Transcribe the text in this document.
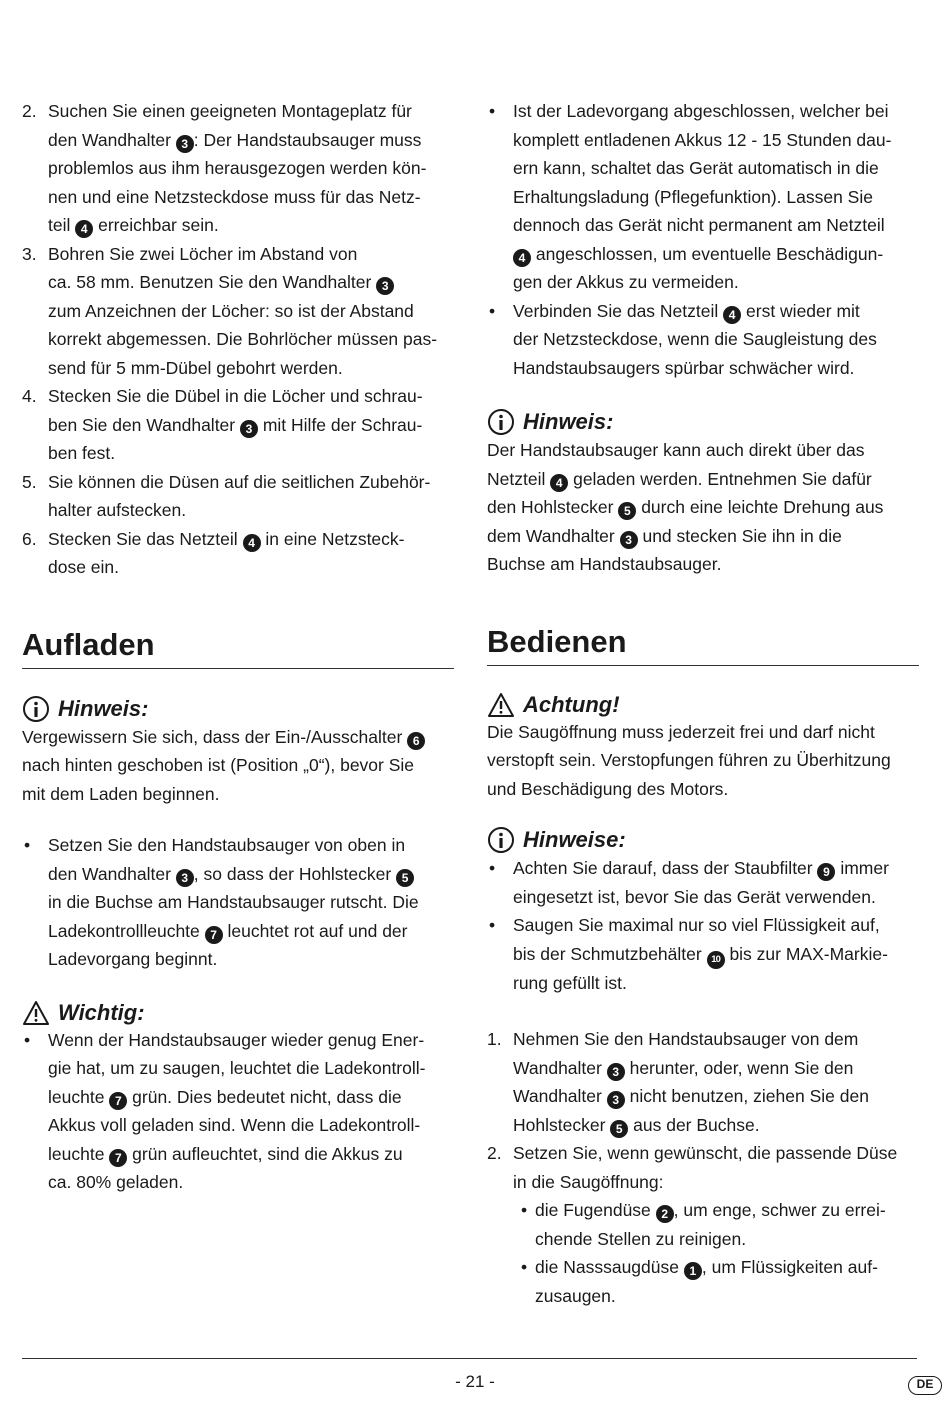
2. Suchen Sie einen geeigneten Montageplatz für
den Wandhalter 3 : Der Handstaubsauger muss
problemlos aus ihm herausgezogen werden kön-
nen und eine Netzsteckdose muss für das Netz-
teil 4 erreichbar sein.
3. Bohren Sie zwei Löcher im Abstand von
ca. 58 mm. Benutzen Sie den Wandhalter 3
zum Anzeichnen der Löcher: so ist der Abstand
korrekt abgemessen. Die Bohrlöcher müssen pas-
send für 5 mm-Dübel gebohrt werden.
4. Stecken Sie die Dübel in die Löcher und schrau-
ben Sie den Wandhalter 3 mit Hilfe der Schrau-
ben fest.
5. Sie können die Düsen auf die seitlichen Zubehör-
halter aufstecken.
6. Stecken Sie das Netzteil 4 in eine Netzsteck-
dose ein.
Aufladen
Hinweis:
Vergewissern Sie sich, dass der Ein-/Ausschalter 6
nach hinten geschoben ist (Position „0“), bevor Sie
mit dem Laden beginnen.
•	Setzen Sie den Handstaubsauger von oben in
den Wandhalter 3 , so dass der Hohlstecker 5
in die Buchse am Handstaubsauger rutscht. Die
Ladekontrollleuchte 7 leuchtet rot auf und der
Ladevorgang beginnt.
Wichtig:
•	Wenn der Handstaubsauger wieder genug Ener-
gie hat, um zu saugen, leuchtet die Ladekontroll-
leuchte 7 grün. Dies bedeutet nicht, dass die
Akkus voll geladen sind. Wenn die Ladekontroll-
leuchte 7 grün aufleuchtet, sind die Akkus zu
ca. 80% geladen.
•	Ist der Ladevorgang abgeschlossen, welcher bei
komplett entladenen Akkus 12 - 15 Stunden dau-
ern kann, schaltet das Gerät automatisch in die
Erhaltungsladung (Pflegefunktion). Lassen Sie
dennoch das Gerät nicht permanent am Netzteil
4 angeschlossen, um eventuelle Beschädigun-
gen der Akkus zu vermeiden.
•	Verbinden Sie das Netzteil 4 erst wieder mit
der Netzsteckdose, wenn die Saugleistung des
Handstaubsaugers spürbar schwächer wird.
Hinweis:
Der Handstaubsauger kann auch direkt über das
Netzteil 4 geladen werden. Entnehmen Sie dafür
den Hohlstecker 5 durch eine leichte Drehung aus
dem Wandhalter 3 und stecken Sie ihn in die
Buchse am Handstaubsauger.
Bedienen
Achtung!
Die Saugöffnung muss jederzeit frei und darf nicht
verstopft sein. Verstopfungen führen zu Überhitzung
und Beschädigung des Motors.
Hinweise:
•	Achten Sie darauf, dass der Staubfilter 9 immer
eingesetzt ist, bevor Sie das Gerät verwenden.
•	Saugen Sie maximal nur so viel Flüssigkeit auf,
bis der Schmutzbehälter 10 bis zur MAX-Markie-
rung gefüllt ist.
1. Nehmen Sie den Handstaubsauger von dem
Wandhalter 3 herunter, oder, wenn Sie den
Wandhalter 3 nicht benutzen, ziehen Sie den
Hohlstecker 5 aus der Buchse.
2. Setzen Sie, wenn gewünscht, die passende Düse
in die Saugöffnung:
• die Fugendüse 2 , um enge, schwer zu errei-
chende Stellen zu reinigen.
• die Nasssaugdüse 1 , um Flüssigkeiten auf-
zusaugen.
- 21 -	DE
